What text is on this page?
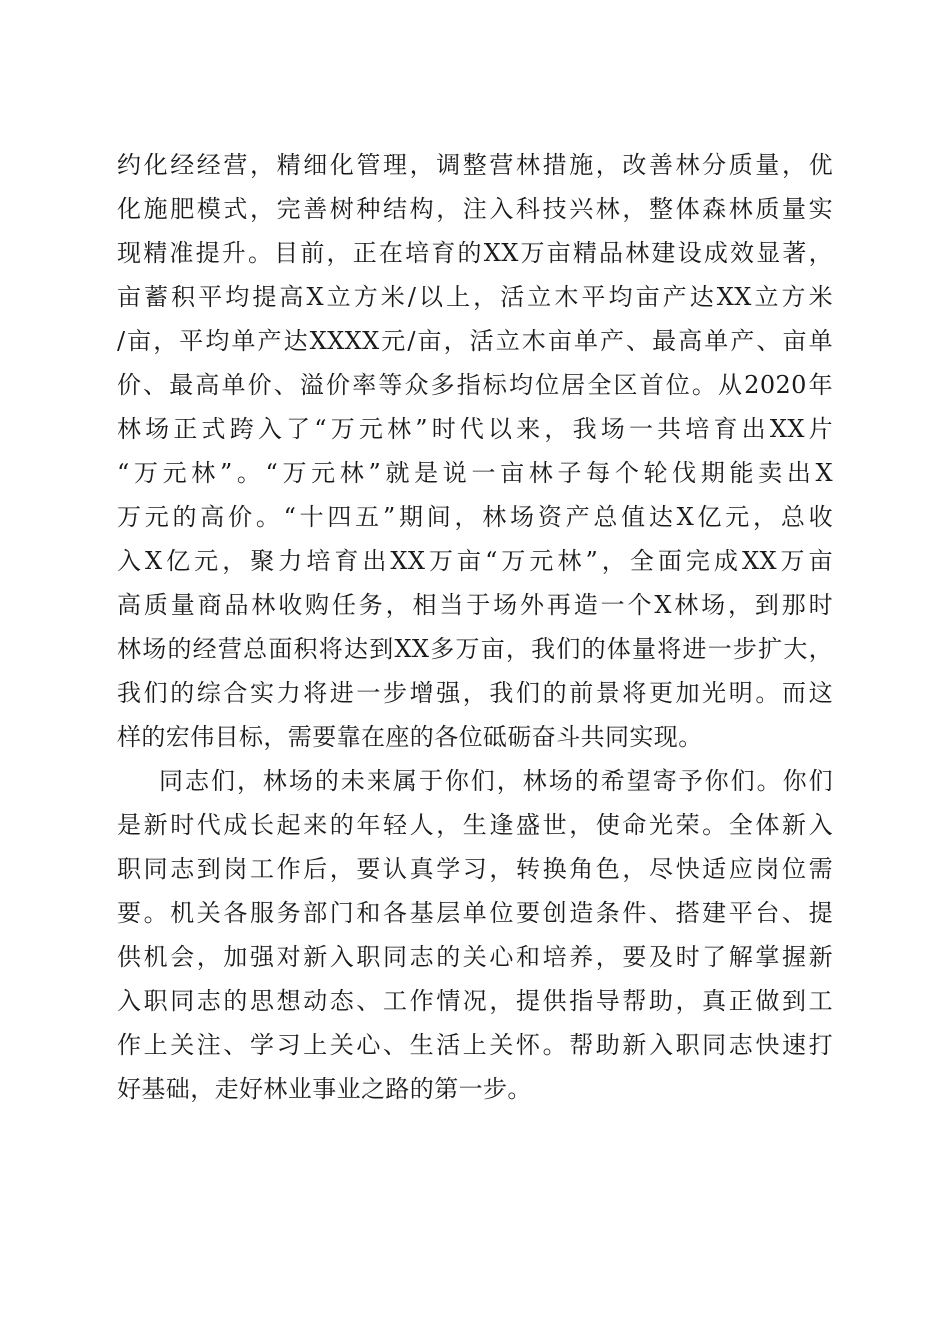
约化经经营，精细化管理，调整营林措施，改善林分质量，优
化施肥模式，完善树种结构，注入科技兴林，整体森林质量实
现精准提升。目前，正在培育的XX万亩精品林建设成效显著，
亩蓄积平均提高X立方米/以上，活立木平均亩产达XX立方米
/亩，平均单产达XXXX元/亩，活立木亩单产、最高单产、亩单
价、最高单价、溢价率等众多指标均位居全区首位。从2020年
林场正式跨入了“万元林”时代以来，我场一共培育出XX片
“万元林”。“万元林”就是说一亩林子每个轮伐期能卖出X
万元的高价。“十四五”期间，林场资产总值达X亿元，总收
入X亿元，聚力培育出XX万亩“万元林”，全面完成XX万亩
高质量商品林收购任务，相当于场外再造一个X林场，到那时
林场的经营总面积将达到XX多万亩，我们的体量将进一步扩大，
我们的综合实力将进一步增强，我们的前景将更加光明。而这
样的宏伟目标，需要靠在座的各位砥砺奋斗共同实现。
同志们，林场的未来属于你们，林场的希望寄予你们。你们
是新时代成长起来的年轻人，生逢盛世，使命光荣。全体新入
职同志到岗工作后，要认真学习，转换角色，尽快适应岗位需
要。机关各服务部门和各基层单位要创造条件、搭建平台、提
供机会，加强对新入职同志的关心和培养，要及时了解掌握新
入职同志的思想动态、工作情况，提供指导帮助，真正做到工
作上关注、学习上关心、生活上关怀。帮助新入职同志快速打
好基础，走好林业事业之路的第一步。
